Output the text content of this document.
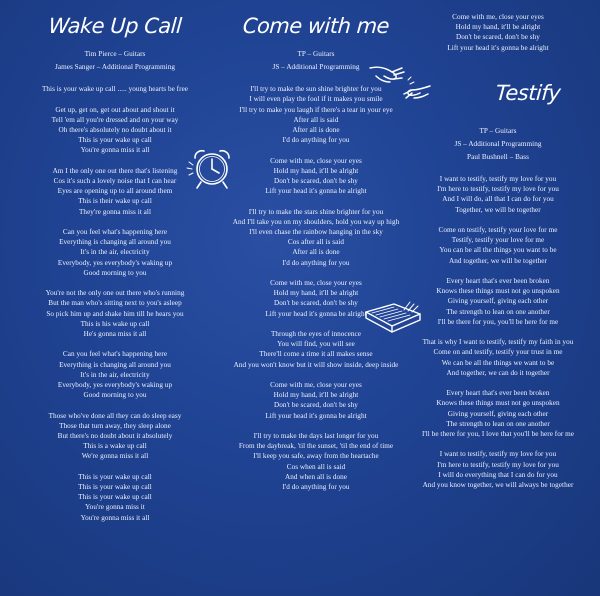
Wake Up Call
Tim Pierce – Guitars
James Sanger – Additional Programming
This is your wake up call ..... young hearts be free
Get up, get on, get out about and shout it
Tell 'em all you're dressed and on your way
Oh there's absolutely no doubt about it
This is your wake up call
You're gonna miss it all
Am I the only one out there that's listening
Cos it's such a lovely noise that I can hear
Eyes are opening up to all around them
This is their wake up call
They're gonna miss it all
Can you feel what's happening here
Everything is changing all around you
It's in the air, electricity
Everybody, yes everybody's waking up
Good morning to you
You're not the only one out there who's running
But the man who's sitting next to you's asleep
So pick him up and shake him till he hears you
This is his wake up call
He's gonna miss it all
Can you feel what's happening here
Everything is changing all around you
It's in the air, electricity
Everybody, yes everybody's waking up
Good morning to you
Those who've done all they can do sleep easy
Those that turn away, they sleep alone
But there's no doubt about it absolutely
This is a wake up call
We're gonna miss it all
This is your wake up call
This is your wake up call
This is your wake up call
You're gonna miss it
You're gonna miss it all
Come with me
TP – Guitars
JS – Additional Programming
I'll try to make the sun shine brighter for you
I will even play the fool if it makes you smile
I'll try to make you laugh if there's a tear in your eye
After all is said
After all is done
I'd do anything for you
Come with me, close your eyes
Hold my hand, it'll be alright
Don't be scared, don't be shy
Lift your head it's gonna be alright
I'll try to make the stars shine brighter for you
And I'll take you on my shoulders, hold you way up high
I'll even chase the rainbow hanging in the sky
Cos after all is said
After all is done
I'd do anything for you
Come with me, close your eyes
Hold my hand, it'll be alright
Don't be scared, don't be shy
Lift your head it's gonna be alright
Through the eyes of innocence
You will find, you will see
There'll come a time it all makes sense
And you won't know but it will show inside, deep inside
Come with me, close your eyes
Hold my hand, it'll be alright
Don't be scared, don't be shy
Lift your head it's gonna be alright
I'll try to make the days last longer for you
From the daybreak, 'til the sunset, 'til the end of time
I'll keep you safe, away from the heartache
Cos when all is said
And when all is done
I'd do anything for you
Come with me, close your eyes
Hold my hand, it'll be alright
Don't be scared, don't be shy
Lift your head it's gonna be alright
Testify
TP – Guitars
JS – Additional Programming
Paul Bushnell – Bass
I want to testify, testify my love for you
I'm here to testify, testify my love for you
And I will do, all that I can do for you
Together, we will be together
Come on testify, testify your love for me
Testify, testify your love for me
You can be all the things you want to be
And together, we will be together
Every heart that's ever been broken
Knows these things must not go unspoken
Giving yourself, giving each other
The strength to lean on one another
I'll be there for you, you'll be here for me
That is why I want to testify, testify my faith in you
Come on and testify, testify your trust in me
We can be all the things we want to be
And together, we can do it together
Every heart that's ever been broken
Knows these things must not go unspoken
Giving yourself, giving each other
The strength to lean on one another
I'll be there for you, I love that you'll be here for me
I want to testify, testify my love for you
I'm here to testify, testify my love for you
I will do everything that I can do for you
And you know together, we will always be together
